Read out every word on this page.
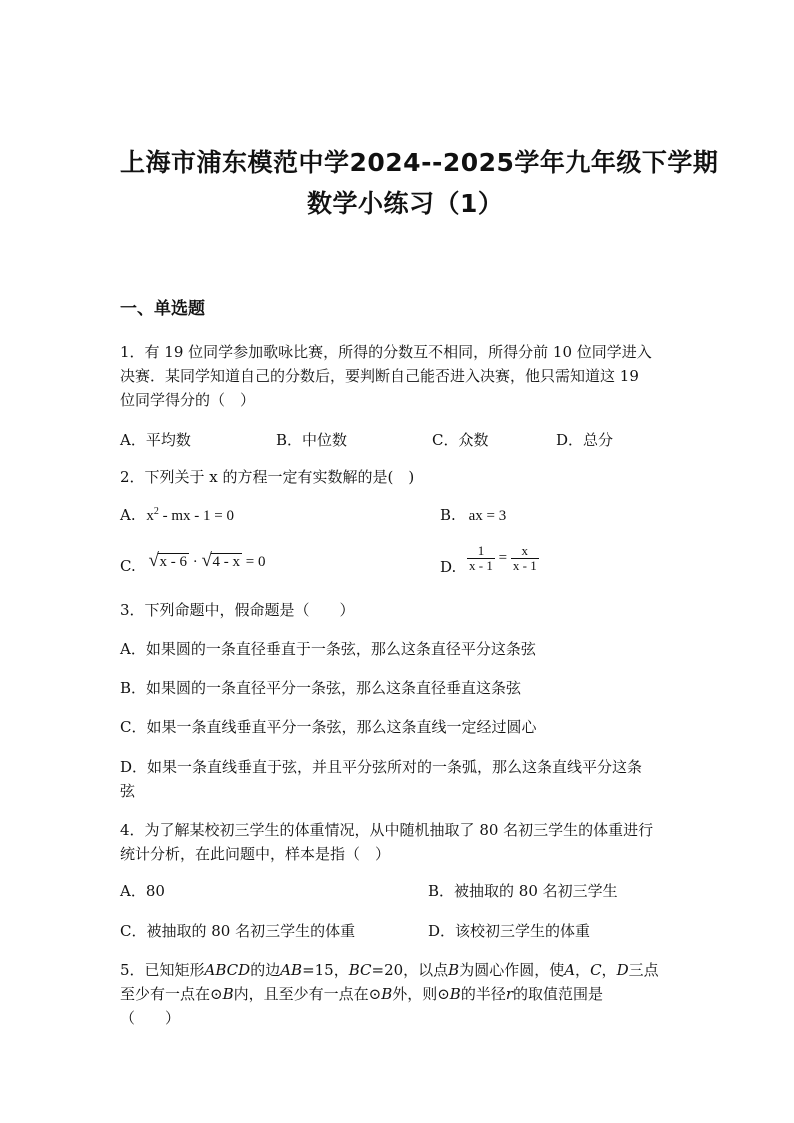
上海市浦东模范中学2024--2025学年九年级下学期
数学小练习（1）
一、单选题
1．有 19 位同学参加歌咏比赛，所得的分数互不相同，所得分前 10 位同学进入
决赛．某同学知道自己的分数后，要判断自己能否进入决赛，他只需知道这 19
位同学得分的（　）
A．平均数	B．中位数	C．众数	D．总分
2．下列关于 x 的方程一定有实数解的是(　)
A. $x^2$ - mx - 1 = 0	B. ax = 3
C. √ x - 6 · √ 4 - x = 0	D. $\frac{1}{x - 1} = \frac{x}{x - 1}$
3．下列命题中，假命题是（　　）
A．如果圆的一条直径垂直于一条弦，那么这条直径平分这条弦
B．如果圆的一条直径平分一条弦，那么这条直径垂直这条弦
C．如果一条直线垂直平分一条弦，那么这条直线一定经过圆心
D．如果一条直线垂直于弦，并且平分弦所对的一条弧，那么这条直线平分这条
弦
4．为了解某校初三学生的体重情况，从中随机抽取了 80 名初三学生的体重进行
统计分析，在此问题中，样本是指（　）
A．80	B．被抽取的 80 名初三学生
C．被抽取的 80 名初三学生的体重	D．该校初三学生的体重
5．已知矩形ABCD的边AB=15，BC=20，以点B为圆心作圆，使A，C，D三点
至少有一点在⊙B内，且至少有一点在⊙B外，则⊙B的半径r的取值范围是
（　　）
